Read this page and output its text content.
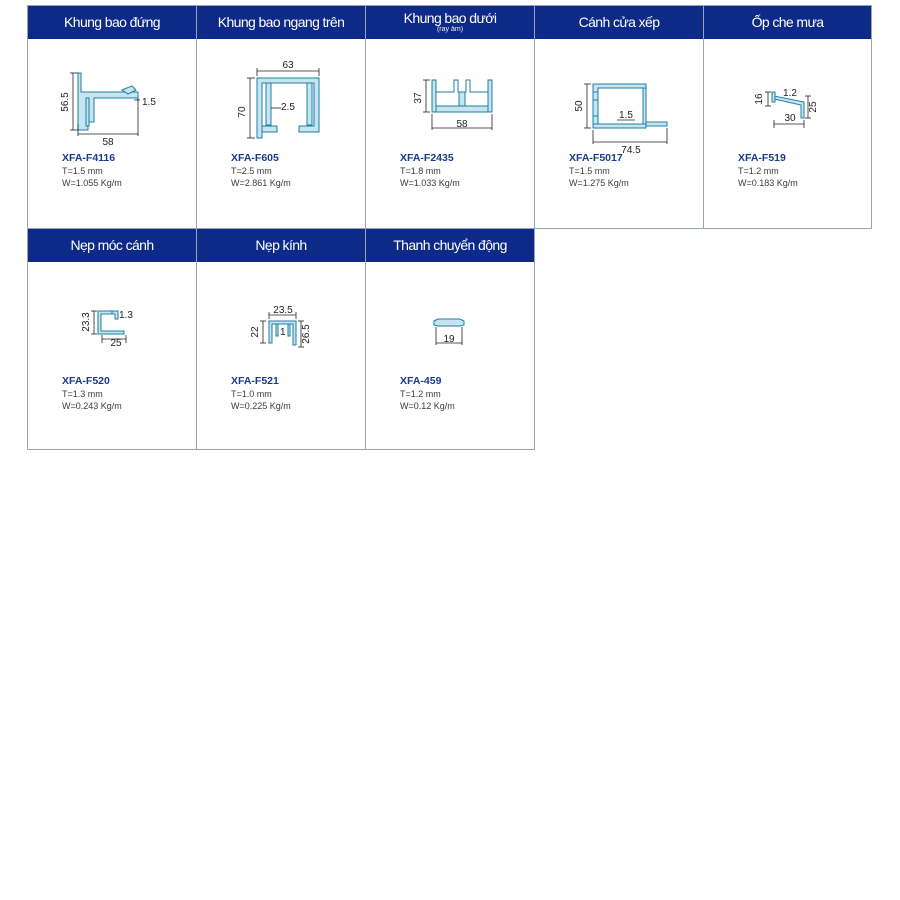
Khung bao đứng
56.5	1.5
58
XFA-F4116
T=1.5 mm
W=1.055 Kg/m
Khung bao ngang trên
63
70	2.5
XFA-F605
T=2.5 mm
W=2.861 Kg/m
Khung bao dưới
(ray âm)
37
58
XFA-F2435
T=1.8 mm
W=1.033 Kg/m
Cánh cửa xếp
50
1.5
74.5
XFA-F5017
T=1.5 mm
W=1.275 Kg/m
Ốp che mưa
16 1.2
25
30
XFA-F519
T=1.2 mm
W=0.183 Kg/m
Nẹp móc cánh
23.3	1.3
25
XFA-F520
T=1.3 mm
W=0.243 Kg/m
Nẹp kính
23.5
22 1 26.5
XFA-F521
T=1.0 mm
W=0.225 Kg/m
Thanh chuyển động
19
XFA-459
T=1.2 mm
W=0.12 Kg/m
